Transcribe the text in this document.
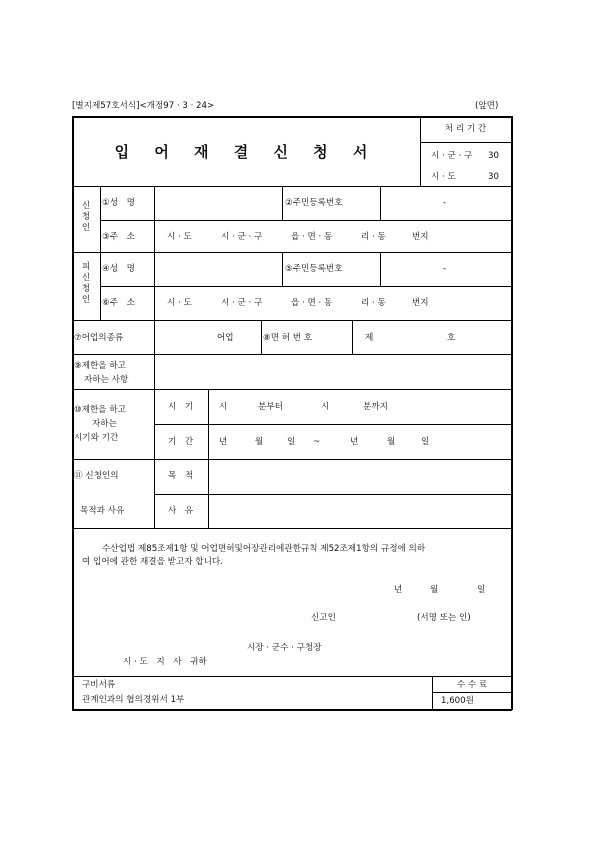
[별지제57호서식]<개정97 · 3 · 24>	(앞면)
입 어 재 결 신 청 서
처 리 기 간
시 · 군 · 구 30
시 · 도	30
신청인
①성　명	②주민등록번호	-
③주　소	시 · 도	시 · 군 · 구	읍 · 면 · 동	리 · 동	번지
피신청인
④성　명	⑤주민등록번호	-
⑥주　소	시 · 도	시 · 군 · 구	읍 · 면 · 동	리 · 동	번지
⑦어업의종류	어업	⑧면 허 번 호	제	호
⑨제한을 하고
자하는 사항
⑩제한을 하고
자하는
시기와 기간
시　기	시	분부터	시	분까지
기　간	년	월	일 ~	년	월	일
⑪ 신청인의
목적과 사유
목　적
사　유
수산업법 제85조제1항 및 어업면허및어장관리에관한규칙 제52조제1항의 규정에 의하
여 입어에 관한 재결을 받고자 합니다.
년	월	일
신고인	(서명 또는 인)
시장 · 군수 · 구청장
시 · 도　지　사　귀하
구비서류
관계인과의 협의경위서 1부
수 수 료
1,600원
